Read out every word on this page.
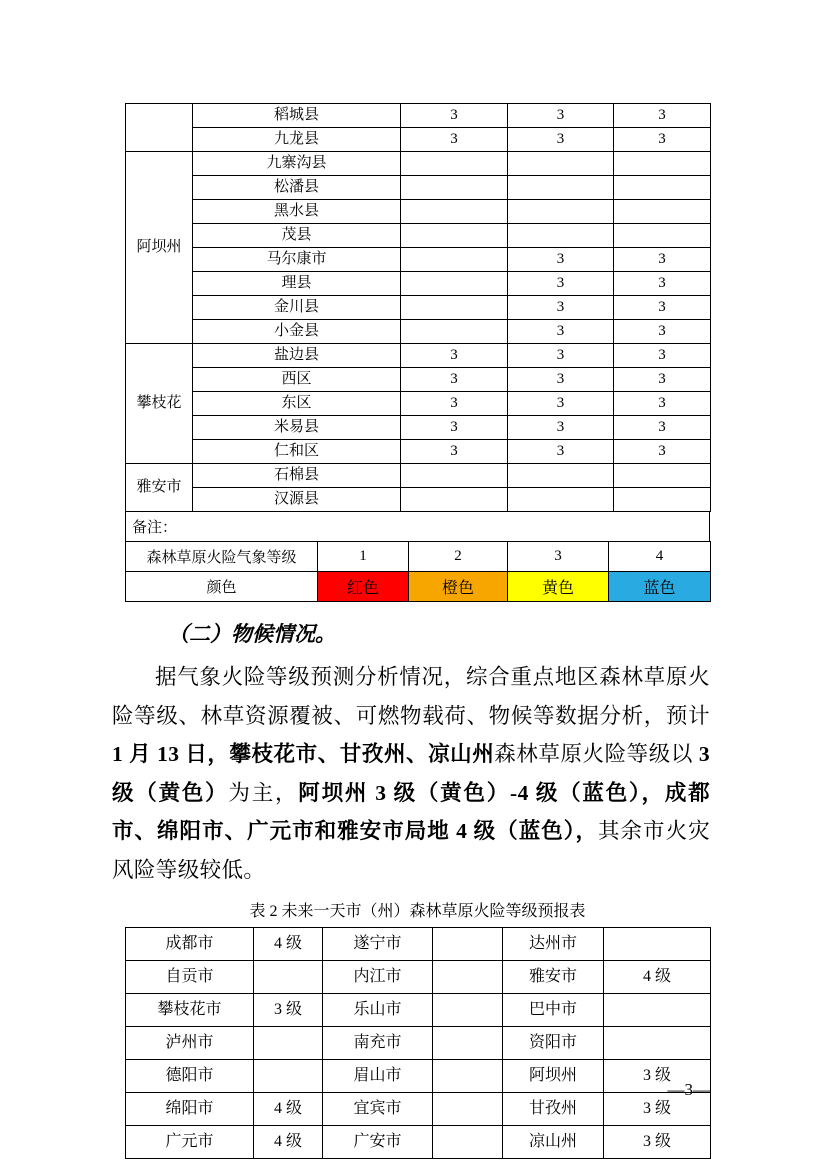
	稻城县	3	3	3
	九龙县	3	3	3
阿坝州	九寨沟县			
	松潘县			
	黑水县			
	茂县			
	马尔康市		3	3
	理县		3	3
	金川县		3	3
	小金县		3	3
攀枝花	盐边县	3	3	3
	西区	3	3	3
	东区	3	3	3
	米易县	3	3	3
	仁和区	3	3	3
雅安市	石棉县			
	汉源县			
备注：
森林草原火险气象等级	1	2	3	4
颜色	红色	橙色	黄色	蓝色

（二）物候情况。

据气象火险等级预测分析情况，综合重点地区森林草原火险等级、林草资源覆被、可燃物载荷、物候等数据分析，预计 1 月 13 日，攀枝花市、甘孜州、凉山州森林草原火险等级以 3 级（黄色）为主，阿坝州 3 级（黄色）-4 级（蓝色），成都市、绵阳市、广元市和雅安市局地 4 级（蓝色），其余市火灾风险等级较低。

表 2 未来一天市（州）森林草原火险等级预报表
成都市	4 级	遂宁市		达州市	
自贡市		内江市		雅安市	4 级
攀枝花市	3 级	乐山市		巴中市	
泸州市		南充市		资阳市	
德阳市		眉山市		阿坝州	3 级
绵阳市	4 级	宜宾市		甘孜州	3 级
广元市	4 级	广安市		凉山州	3 级
—3—
